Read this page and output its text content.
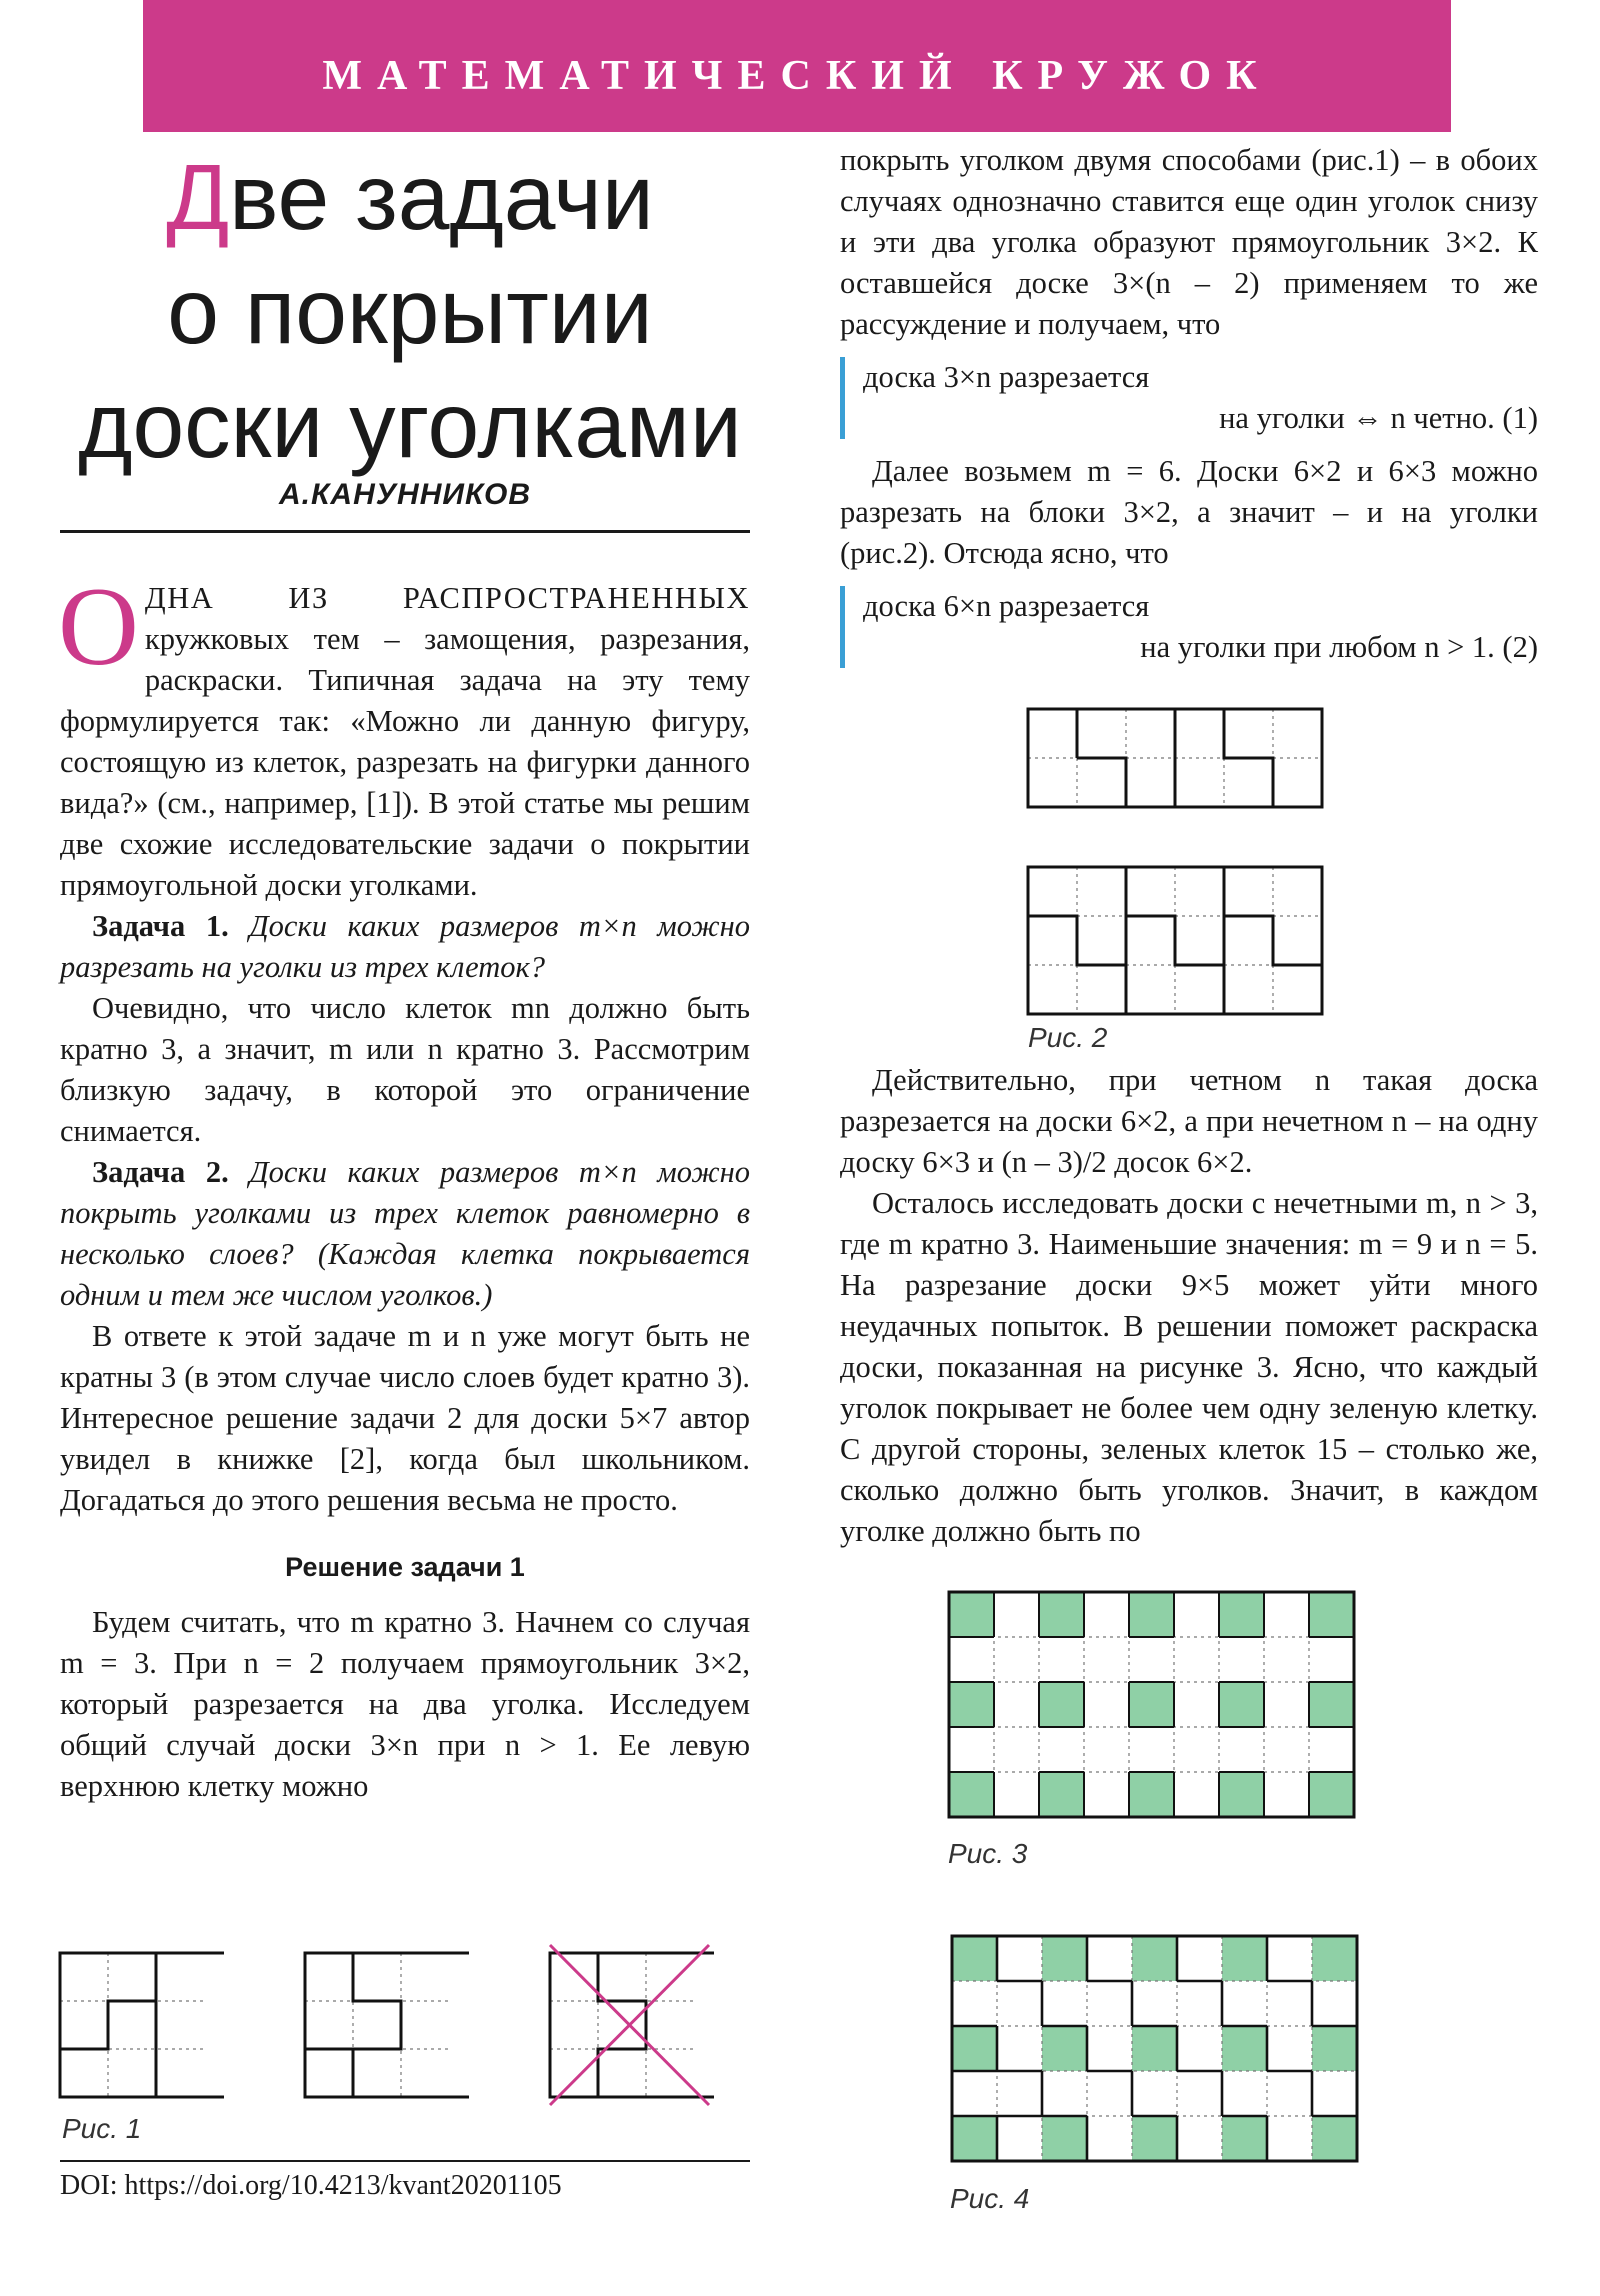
МАТЕМАТИЧЕСКИЙ КРУЖОК
Две задачи
о покрытии
доски уголками
А.КАНУННИКОВ

ОДНА ИЗ РАСПРОСТРАНЕННЫХ кружковых тем – замощения, разрезания, раскраски. Типичная задача на эту тему формулируется так: «Можно ли данную фигуру, состоящую из клеток, разрезать на фигурки данного вида?» (см., например, [1]). В этой статье мы решим две схожие исследовательские задачи о покрытии прямоугольной доски уголками.

Задача 1. Доски каких размеров m×n можно разрезать на уголки из трех клеток?

Очевидно, что число клеток mn должно быть кратно 3, а значит, m или n кратно 3. Рассмотрим близкую задачу, в которой это ограничение снимается.

Задача 2. Доски каких размеров m×n можно покрыть уголками из трех клеток равномерно в несколько слоев? (Каждая клетка покрывается одним и тем же числом уголков.)

В ответе к этой задаче m и n уже могут быть не кратны 3 (в этом случае число слоев будет кратно 3). Интересное решение задачи 2 для доски 5×7 автор увидел в книжке [2], когда был школьником. Догадаться до этого решения весьма не просто.

Решение задачи 1

Будем считать, что m кратно 3. Начнем со случая m = 3. При n = 2 получаем прямоугольник 3×2, который разрезается на два уголка. Исследуем общий случай доски 3×n при n > 1. Ее левую верхнюю клетку можно

Рис. 1
DOI: https://doi.org/10.4213/kvant20201105

покрыть уголком двумя способами (рис.1) – в обоих случаях однозначно ставится еще один уголок снизу и эти два уголка образуют прямоугольник 3×2. К оставшейся доске 3×(n – 2) применяем то же рассуждение и получаем, что

доска 3×n разрезается
на уголки ⇔ n четно. (1)

Далее возьмем m = 6. Доски 6×2 и 6×3 можно разрезать на блоки 3×2, а значит – и на уголки (рис.2). Отсюда ясно, что

доска 6×n разрезается
на уголки при любом n > 1. (2)
Рис. 2

Действительно, при четном n такая доска разрезается на доски 6×2, а при нечетном n – на одну доску 6×3 и (n – 3)/2 досок 6×2.

Осталось исследовать доски с нечетными m, n > 3, где m кратно 3. Наименьшие значения: m = 9 и n = 5. На разрезание доски 9×5 может уйти много неудачных попыток. В решении поможет раскраска доски, показанная на рисунке 3. Ясно, что каждый уголок покрывает не более чем одну зеленую клетку. С другой стороны, зеленых клеток 15 – столько же, сколько должно быть уголков. Значит, в каждом уголке должно быть по

Рис. 3
Рис. 4
